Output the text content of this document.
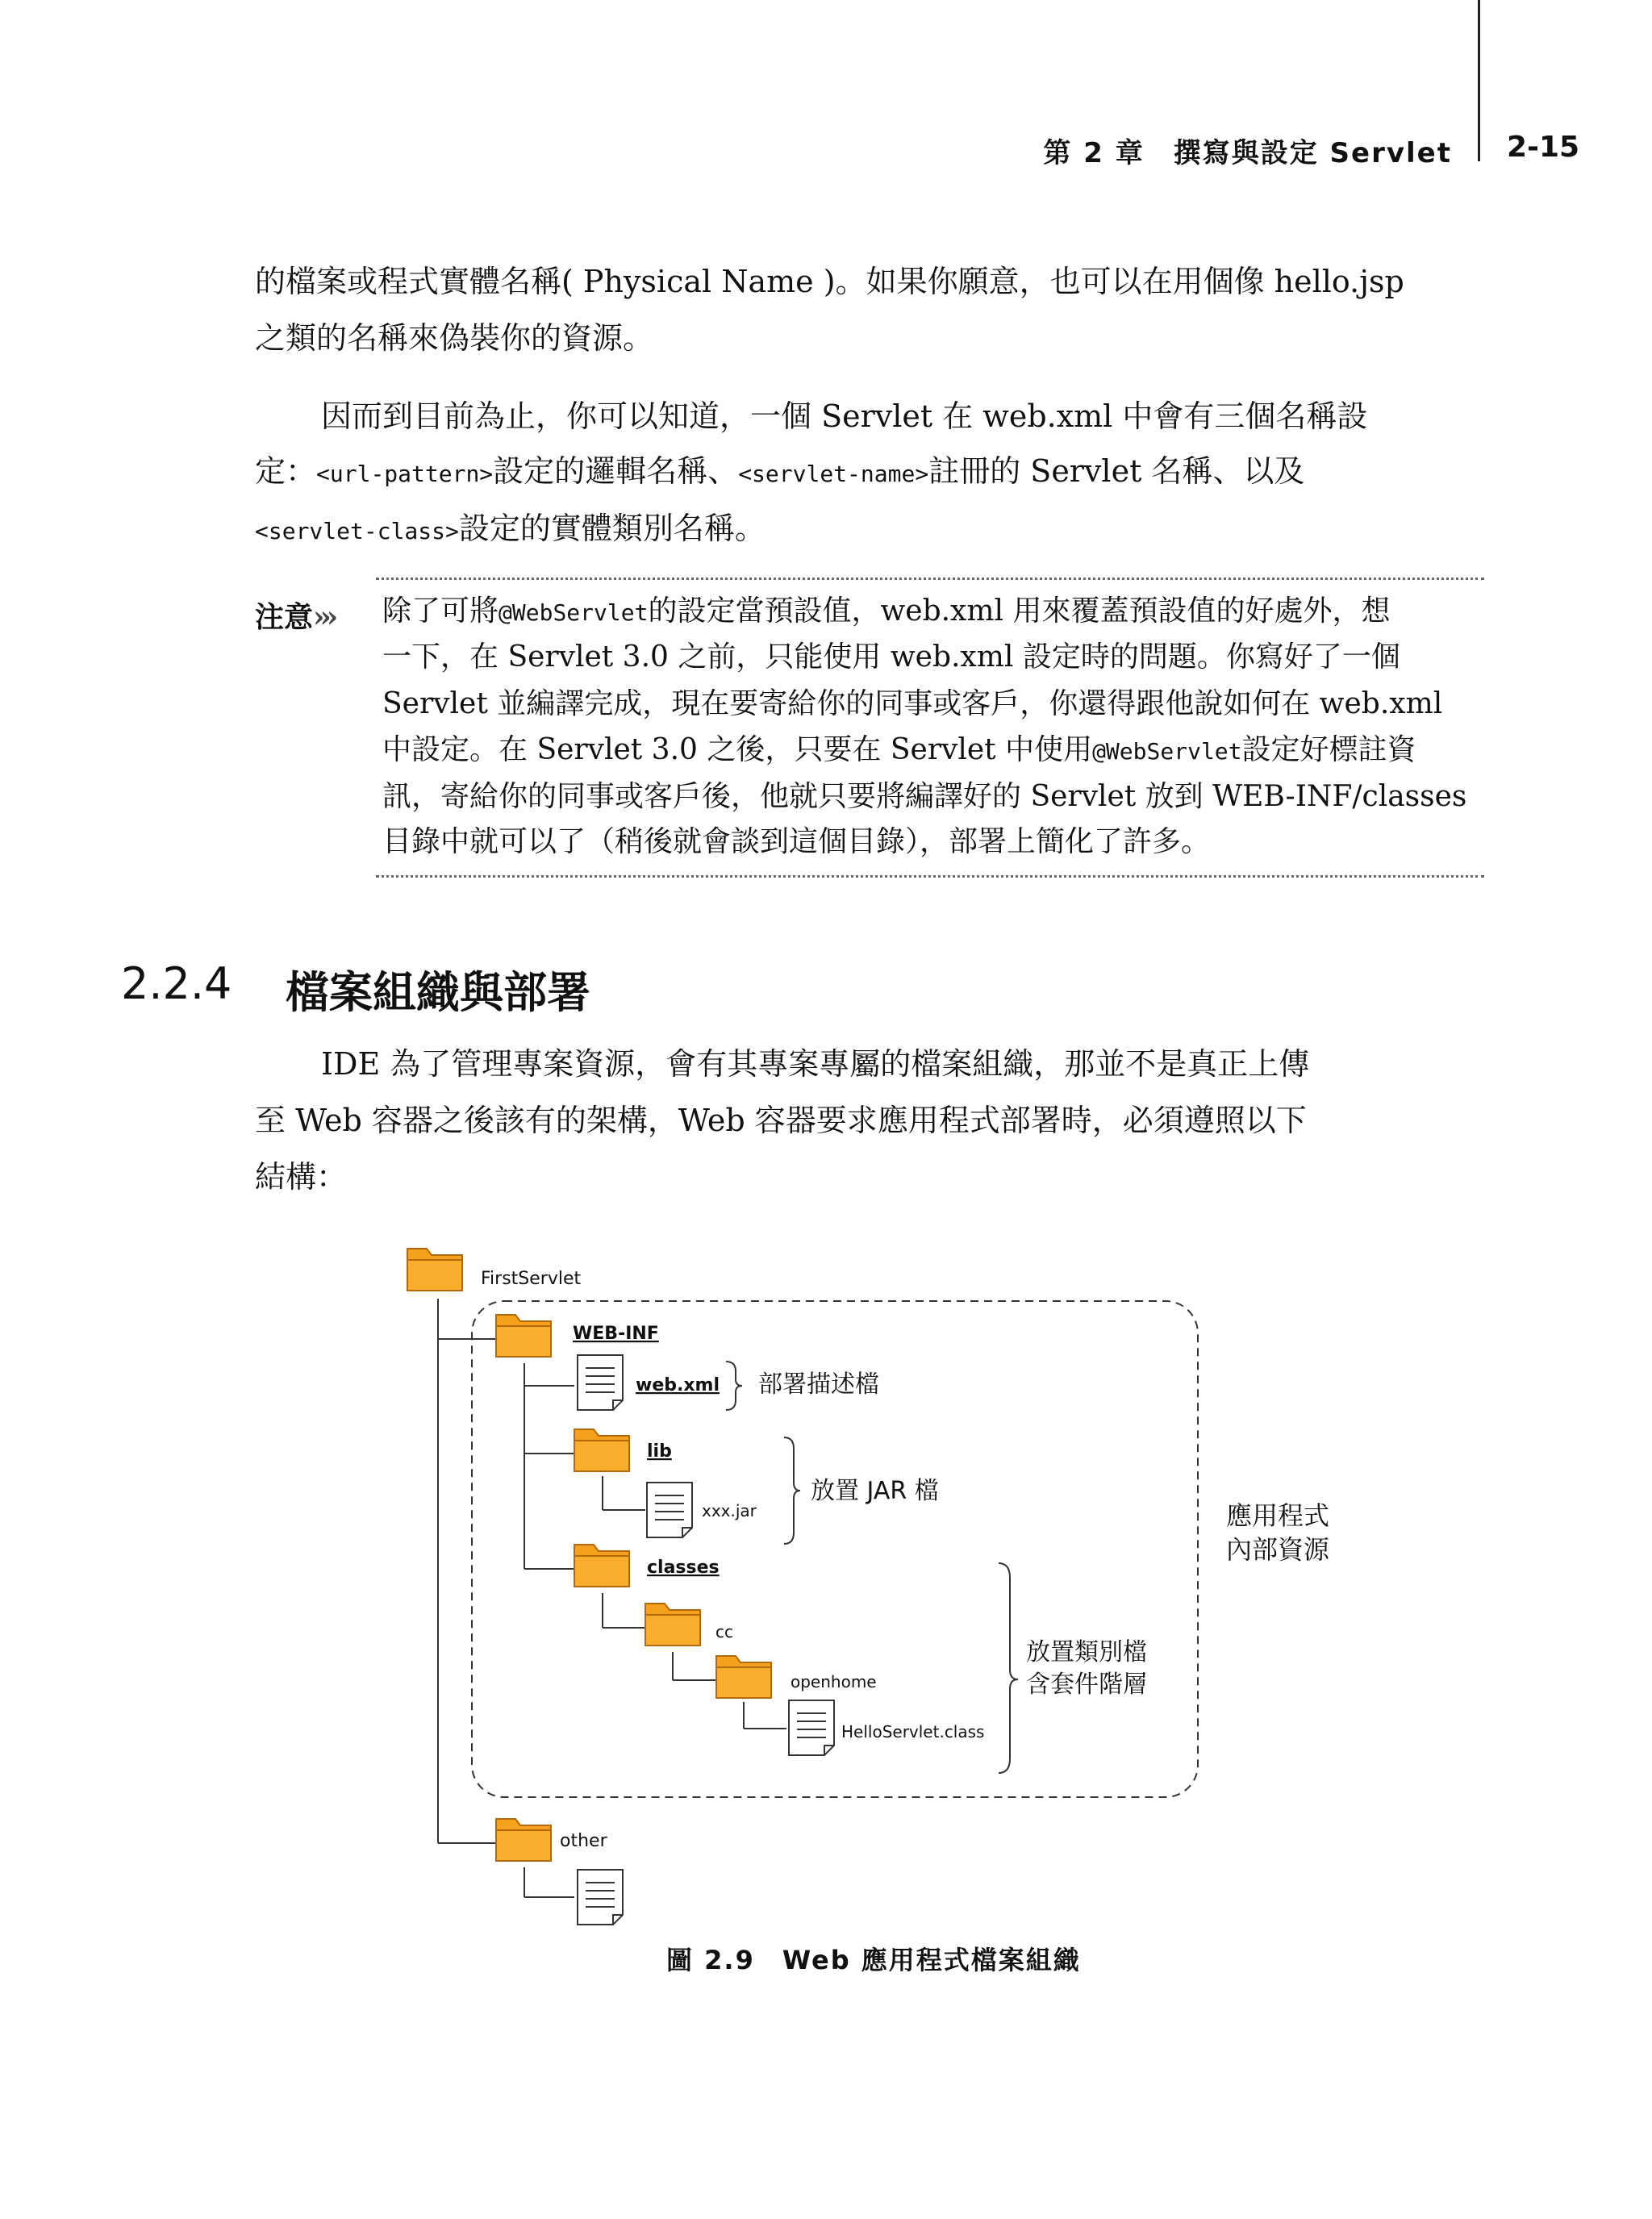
第 2 章　撰寫與設定 Servlet 2-15
的檔案或程式實體名稱( Physical Name )。如果你願意，也可以在用個像 hello.jsp
之類的名稱來偽裝你的資源。
因而到目前為止，你可以知道，一個 Servlet 在 web.xml 中會有三個名稱設
定：<url-pattern>設定的邏輯名稱、<servlet-name>註冊的 Servlet 名稱、以及
<servlet-class>設定的實體類別名稱。
注意››› 除了可將@WebServlet的設定當預設值，web.xml 用來覆蓋預設值的好處外，想
一下，在 Servlet 3.0 之前，只能使用 web.xml 設定時的問題。你寫好了一個
Servlet 並編譯完成，現在要寄給你的同事或客戶，你還得跟他說如何在 web.xml
中設定。在 Servlet 3.0 之後，只要在 Servlet 中使用@WebServlet設定好標註資
訊，寄給你的同事或客戶後，他就只要將編譯好的 Servlet 放到 WEB-INF/classes
目錄中就可以了（稍後就會談到這個目錄），部署上簡化了許多。
2.2.4 檔案組織與部署
IDE 為了管理專案資源，會有其專案專屬的檔案組織，那並不是真正上傳
至 Web 容器之後該有的架構，Web 容器要求應用程式部署時，必須遵照以下
結構：
FirstServlet
WEB-INF
web.xml
lib
xxx.jar
classes
cc
openhome
HelloServlet.class
other
部署描述檔
放置 JAR 檔
放置類別檔
含套件階層
應用程式
內部資源
圖 2.9　Web 應用程式檔案組織
